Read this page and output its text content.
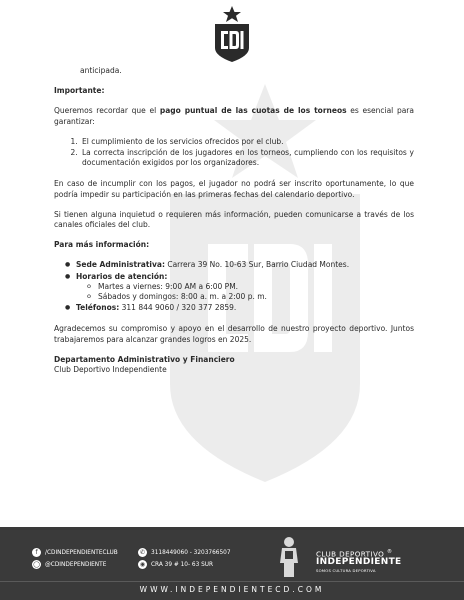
anticipada.

Importante:

Queremos recordar que el pago puntual de las cuotas de los torneos es esencial para garantizar:

1. El cumplimiento de los servicios ofrecidos por el club.
2. La correcta inscripción de los jugadores en los torneos, cumpliendo con los requisitos y documentación exigidos por los organizadores.

En caso de incumplir con los pagos, el jugador no podrá ser inscrito oportunamente, lo que podría impedir su participación en las primeras fechas del calendario deportivo.

Si tienen alguna inquietud o requieren más información, pueden comunicarse a través de los canales oficiales del club.

Para más información:

● Sede Administrativa: Carrera 39 No. 10-63 Sur, Barrio Ciudad Montes.
● Horarios de atención:
o Martes a viernes: 9:00 AM a 6:00 PM.
o Sábados y domingos: 8:00 a. m. a 2:00 p. m.
● Teléfonos: 311 844 9060 / 320 377 2859.

Agradecemos su compromiso y apoyo en el desarrollo de nuestro proyecto deportivo. Juntos trabajaremos para alcanzar grandes logros en 2025.

Departamento Administrativo y Financiero

Club Deportivo Independiente

f	/CDINDEPENDIENTECLUB
◯ @CDINDEPENDIENTE
✆	3118449060 - 3203766507
◉	CRA 39 # 10- 63 SUR
CLUB DEPORTIVO ®
INDEPENDIENTE
SOMOS CULTURA DEPORTIVA
WWW.INDEPENDIENTECD.COM
